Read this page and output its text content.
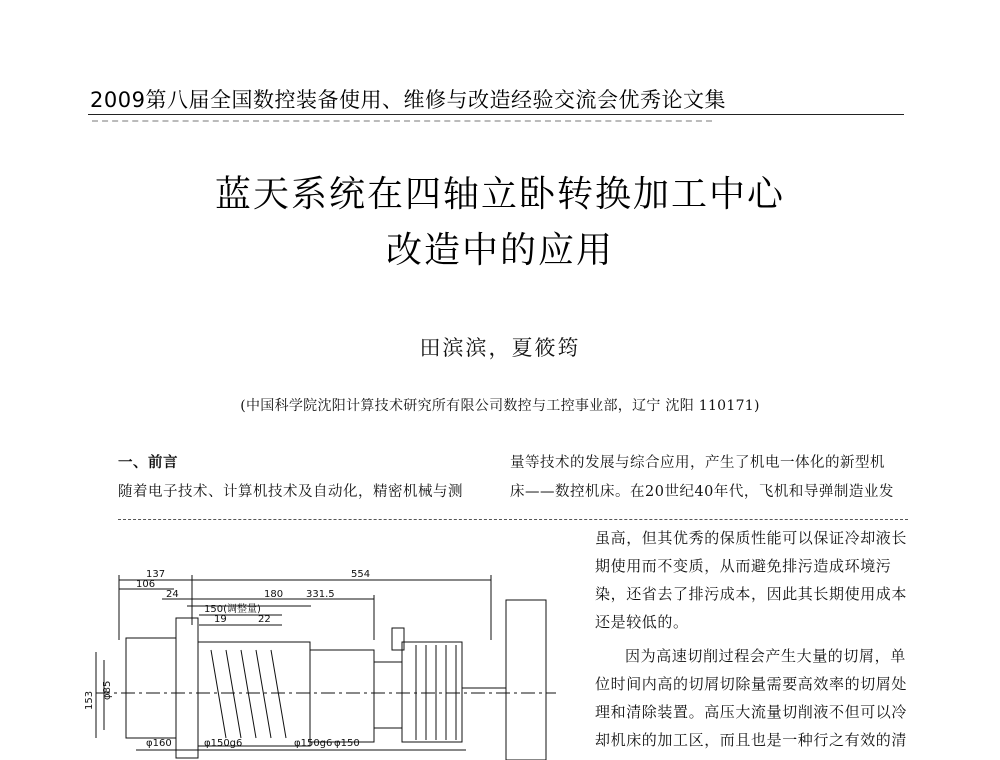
2009第八届全国数控装备使用、维修与改造经验交流会优秀论文集
蓝天系统在四轴立卧转换加工中心
改造中的应用
田滨滨，夏筱筠
(中国科学院沈阳计算技术研究所有限公司数控与工控事业部，辽宁 沈阳 110171)
一、前言
随着电子技术、计算机技术及自动化，精密机械与测
量等技术的发展与综合应用，产生了机电一体化的新型机
床——数控机床。在20世纪40年代，飞机和导弹制造业发
虽高，但其优秀的保质性能可以保证冷却液长
期使用而不变质，从而避免排污造成环境污
染，还省去了排污成本，因此其长期使用成本
还是较低的。
因为高速切削过程会产生大量的切屑，单
位时间内高的切屑切除量需要高效率的切屑处
理和清除装置。高压大流量切削液不但可以冷
却机床的加工区，而且也是一种行之有效的清
137
106
24	180 331.5
554
150(调整量)
19	22
φ85
153
φ160	φ150g6	φ150g6 φ150
